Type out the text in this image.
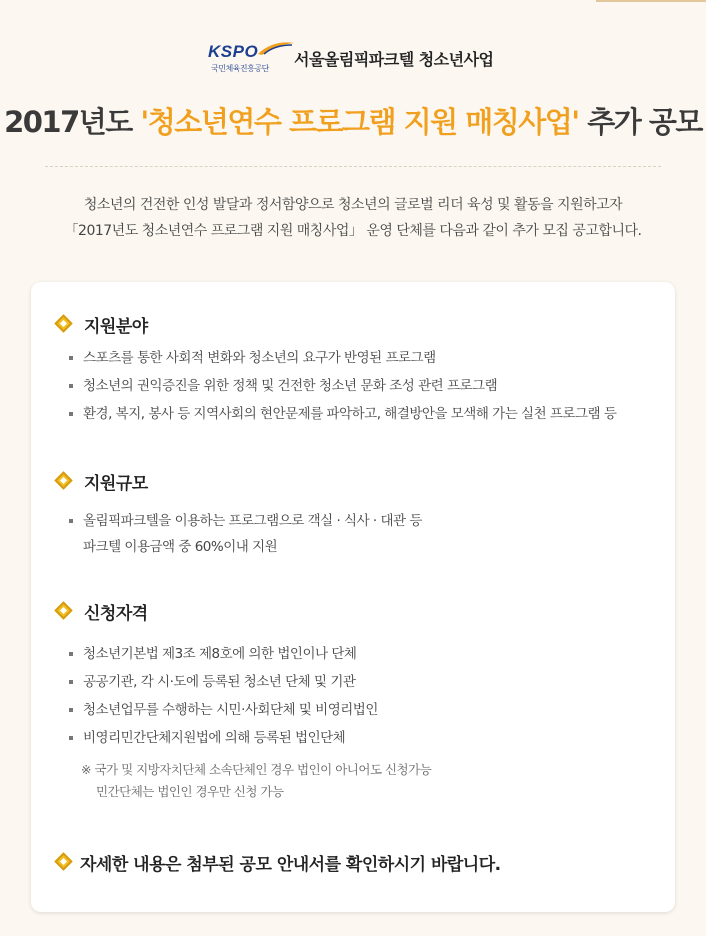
KSPO
국민체육진흥공단 서울올림픽파크텔 청소년사업
2017년도 '청소년연수 프로그램 지원 매칭사업' 추가 공모
청소년의 건전한 인성 발달과 정서함양으로 청소년의 글로벌 리더 육성 및 활동을 지원하고자
「2017년도 청소년연수 프로그램 지원 매칭사업」 운영 단체를 다음과 같이 추가 모집 공고합니다.
지원분야
스포츠를 통한 사회적 변화와 청소년의 요구가 반영된 프로그램
청소년의 권익증진을 위한 정책 및 건전한 청소년 문화 조성 관련 프로그램
환경, 복지, 봉사 등 지역사회의 현안문제를 파악하고, 해결방안을 모색해 가는 실천 프로그램 등
지원규모
올림픽파크텔을 이용하는 프로그램으로 객실 · 식사 · 대관 등
파크텔 이용금액 중 60%이내 지원
신청자격
청소년기본법 제3조 제8호에 의한 법인이나 단체
공공기관, 각 시·도에 등록된 청소년 단체 및 기관
청소년업무를 수행하는 시민·사회단체 및 비영리법인
비영리민간단체지원법에 의해 등록된 법인단체
※ 국가 및 지방자치단체 소속단체인 경우 법인이 아니어도 신청가능
민간단체는 법인인 경우만 신청 가능
자세한 내용은 첨부된 공모 안내서를 확인하시기 바랍니다.
